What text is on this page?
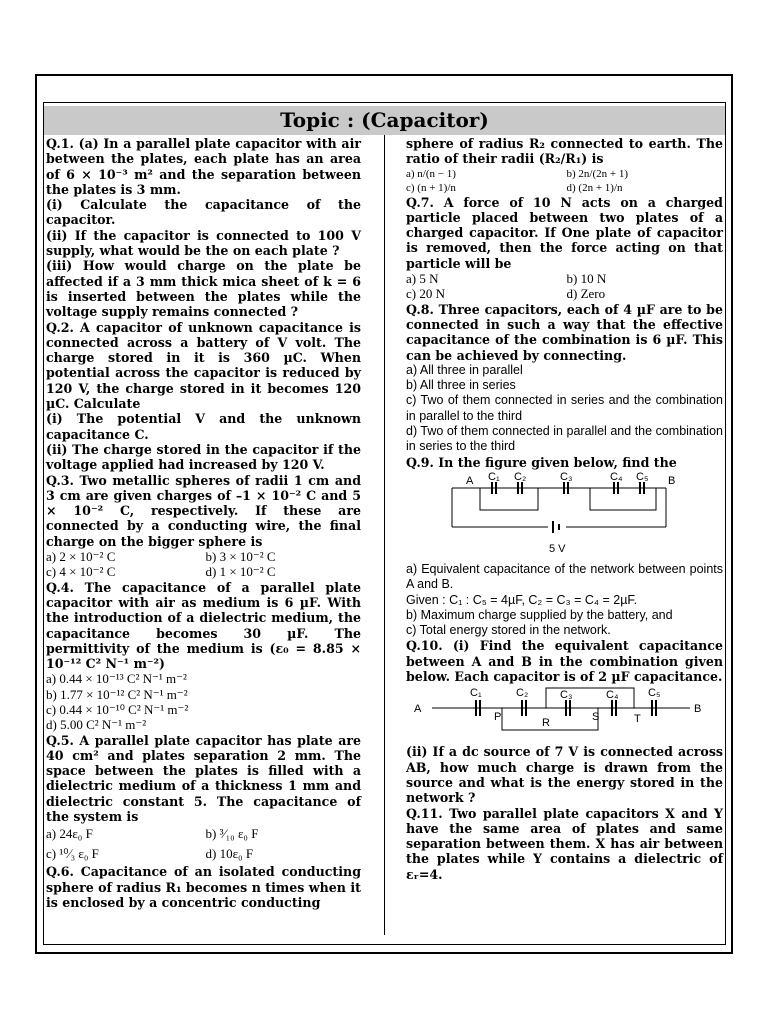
Topic : (Capacitor)

Q.1. (a) In a parallel plate capacitor with air between the plates, each plate has an area of 6 × 10⁻³ m² and the separation between the plates is 3 mm.

(i) Calculate the capacitance of the capacitor.

(ii) If the capacitor is connected to 100 V supply, what would be the on each plate ?

(iii) How would charge on the plate be affected if a 3 mm thick mica sheet of k = 6 is inserted between the plates while the voltage supply remains connected ?

Q.2. A capacitor of unknown capacitance is connected across a battery of V volt. The charge stored in it is 360 µC. When potential across the capacitor is reduced by 120 V, the charge stored in it becomes 120 µC. Calculate

(i) The potential V and the unknown capacitance C.

(ii) The charge stored in the capacitor if the voltage applied had increased by 120 V.

Q.3. Two metallic spheres of radii 1 cm and 3 cm are given charges of –1 × 10⁻² C and 5 × 10⁻² C, respectively. If these are connected by a conducting wire, the final charge on the bigger sphere is

a) 2 × 10⁻² C	b) 3 × 10⁻² C
c) 4 × 10⁻² C	d) 1 × 10⁻² C

Q.4. The capacitance of a parallel plate capacitor with air as medium is 6 µF. With the introduction of a dielectric medium, the capacitance becomes 30 µF. The permittivity of the medium is (ε₀ = 8.85 × 10⁻¹² C² N⁻¹ m⁻²)

a) 0.44 × 10⁻¹³ C² N⁻¹ m⁻²
b) 1.77 × 10⁻¹² C² N⁻¹ m⁻²
c) 0.44 × 10⁻¹⁰ C² N⁻¹ m⁻²
d) 5.00 C² N⁻¹ m⁻²

Q.5. A parallel plate capacitor has plate are 40 cm² and plates separation 2 mm. The space between the plates is filled with a dielectric medium of a thickness 1 mm and dielectric constant 5. The capacitance of the system is

a) 24ε₀ F	b) ³⁄₁₀ ε₀ F
c) ¹⁰⁄₃ ε₀ F	d) 10ε₀ F

Q.6. Capacitance of an isolated conducting sphere of radius R₁ becomes n times when it is enclosed by a concentric conducting

sphere of radius R₂ connected to earth. The ratio of their radii (R₂/R₁) is

a) n/(n − 1)	b) 2n/(2n + 1)
c) (n + 1)/n	d) (2n + 1)/n

Q.7. A force of 10 N acts on a charged particle placed between two plates of a charged capacitor. If One plate of capacitor is removed, then the force acting on that particle will be

a) 5 N	b) 10 N
c) 20 N	d) Zero

Q.8. Three capacitors, each of 4 µF are to be connected in such a way that the effective capacitance of the combination is 6 µF. This can be achieved by connecting.

a) All three in parallel
b) All three in series
c) Two of them connected in series and the combination in parallel to the third
d) Two of them connected in parallel and the combination in series to the third

Q.9. In the figure given below, find the

A C₁ C₂	C₃	C₄ C₅ B
5 V

a) Equivalent capacitance of the network between points A and B.

Given : C₁ : C₅ = 4µF, C₂ = C₃ = C₄ = 2µF.

b) Maximum charge supplied by the battery, and

c) Total energy stored in the network.

Q.10. (i) Find the equivalent capacitance between A and B in the combination given below. Each capacitor is of 2 µF capacitance.

A
C₁	C₂	C₃	C₄	C₅
B
P	R	S	T

(ii) If a dc source of 7 V is connected across AB, how much charge is drawn from the source and what is the energy stored in the network ?

Q.11. Two parallel plate capacitors X and Y have the same area of plates and same separation between them. X has air between the plates while Y contains a dielectric of εᵣ=4.
